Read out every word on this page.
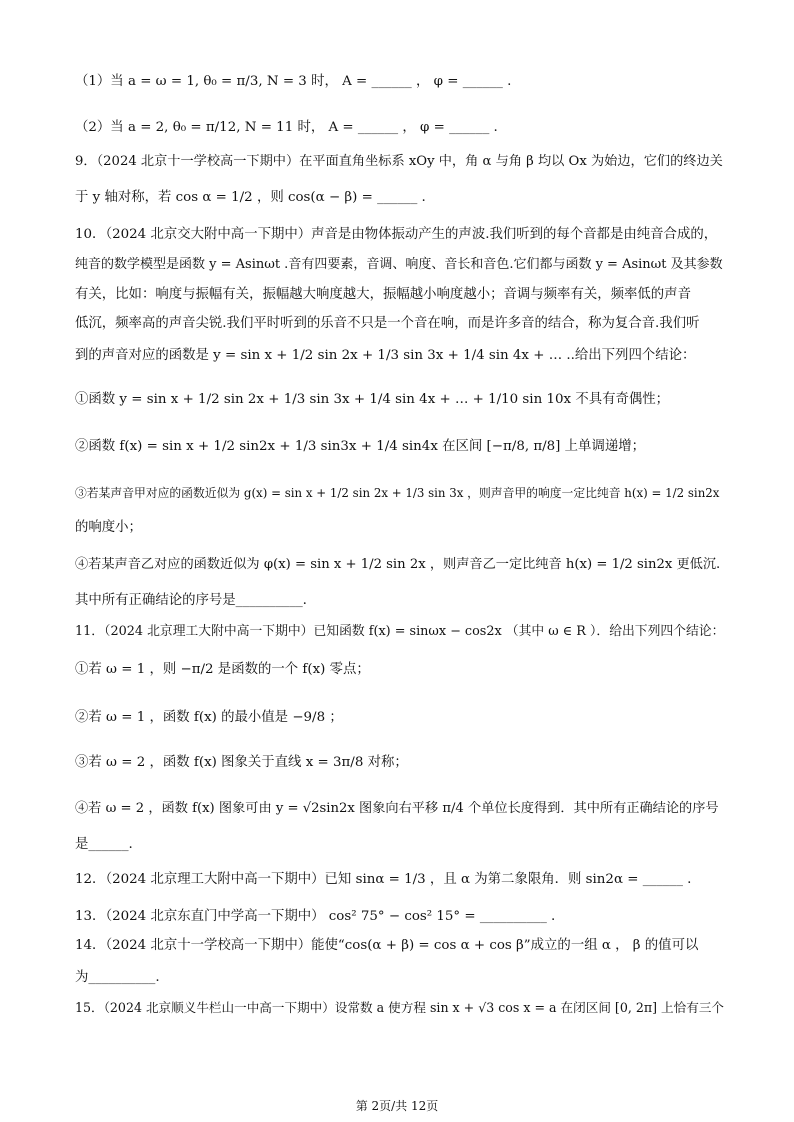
（1）当 a = ω = 1, θ₀ = π/3, N = 3 时， A = ______ ， φ = ______ .
（2）当 a = 2, θ₀ = π/12, N = 11 时， A = ______ ， φ = ______ .
9．（2024 北京十一学校高一下期中）在平面直角坐标系 xOy 中，角 α 与角 β 均以 Ox 为始边，它们的终边关
于 y 轴对称，若 cos α = 1/2 ，则 cos(α − β) = ______ .
10．（2024 北京交大附中高一下期中）声音是由物体振动产生的声波.我们听到的每个音都是由纯音合成的，
纯音的数学模型是函数 y = Asinωt .音有四要素，音调、响度、音长和音色.它们都与函数 y = Asinωt 及其参数
有关，比如：响度与振幅有关，振幅越大响度越大，振幅越小响度越小；音调与频率有关，频率低的声音
低沉，频率高的声音尖锐.我们平时听到的乐音不只是一个音在响，而是许多音的结合，称为复合音.我们听
到的声音对应的函数是 y = sin x + 1/2 sin 2x + 1/3 sin 3x + 1/4 sin 4x + … ..给出下列四个结论：
①函数 y = sin x + 1/2 sin 2x + 1/3 sin 3x + 1/4 sin 4x + … + 1/10 sin 10x 不具有奇偶性；
②函数 f(x) = sin x + 1/2 sin2x + 1/3 sin3x + 1/4 sin4x 在区间 [−π/8, π/8] 上单调递增；
③若某声音甲对应的函数近似为 g(x) = sin x + 1/2 sin 2x + 1/3 sin 3x ，则声音甲的响度一定比纯音 h(x) = 1/2 sin2x
的响度小；
④若某声音乙对应的函数近似为 φ(x) = sin x + 1/2 sin 2x ，则声音乙一定比纯音 h(x) = 1/2 sin2x 更低沉.
其中所有正确结论的序号是__________.
11．（2024 北京理工大附中高一下期中）已知函数 f(x) = sinωx − cos2x （其中 ω ∈ R ）．给出下列四个结论：
①若 ω = 1 ，则 −π/2 是函数的一个 f(x) 零点；
②若 ω = 1 ，函数 f(x) 的最小值是 −9/8 ；
③若 ω = 2 ，函数 f(x) 图象关于直线 x = 3π/8 对称；
④若 ω = 2 ，函数 f(x) 图象可由 y = √2sin2x 图象向右平移 π/4 个单位长度得到．其中所有正确结论的序号
是______.
12．（2024 北京理工大附中高一下期中）已知 sinα = 1/3 ，且 α 为第二象限角．则 sin2α = ______ .
13．（2024 北京东直门中学高一下期中） cos² 75° − cos² 15° = __________ .
14．（2024 北京十一学校高一下期中）能使“cos(α + β) = cos α + cos β”成立的一组 α ， β 的值可以
为__________.
15．（2024 北京顺义牛栏山一中高一下期中）设常数 a 使方程 sin x + √3 cos x = a 在闭区间 [0, 2π] 上恰有三个
第 2页/共 12页
